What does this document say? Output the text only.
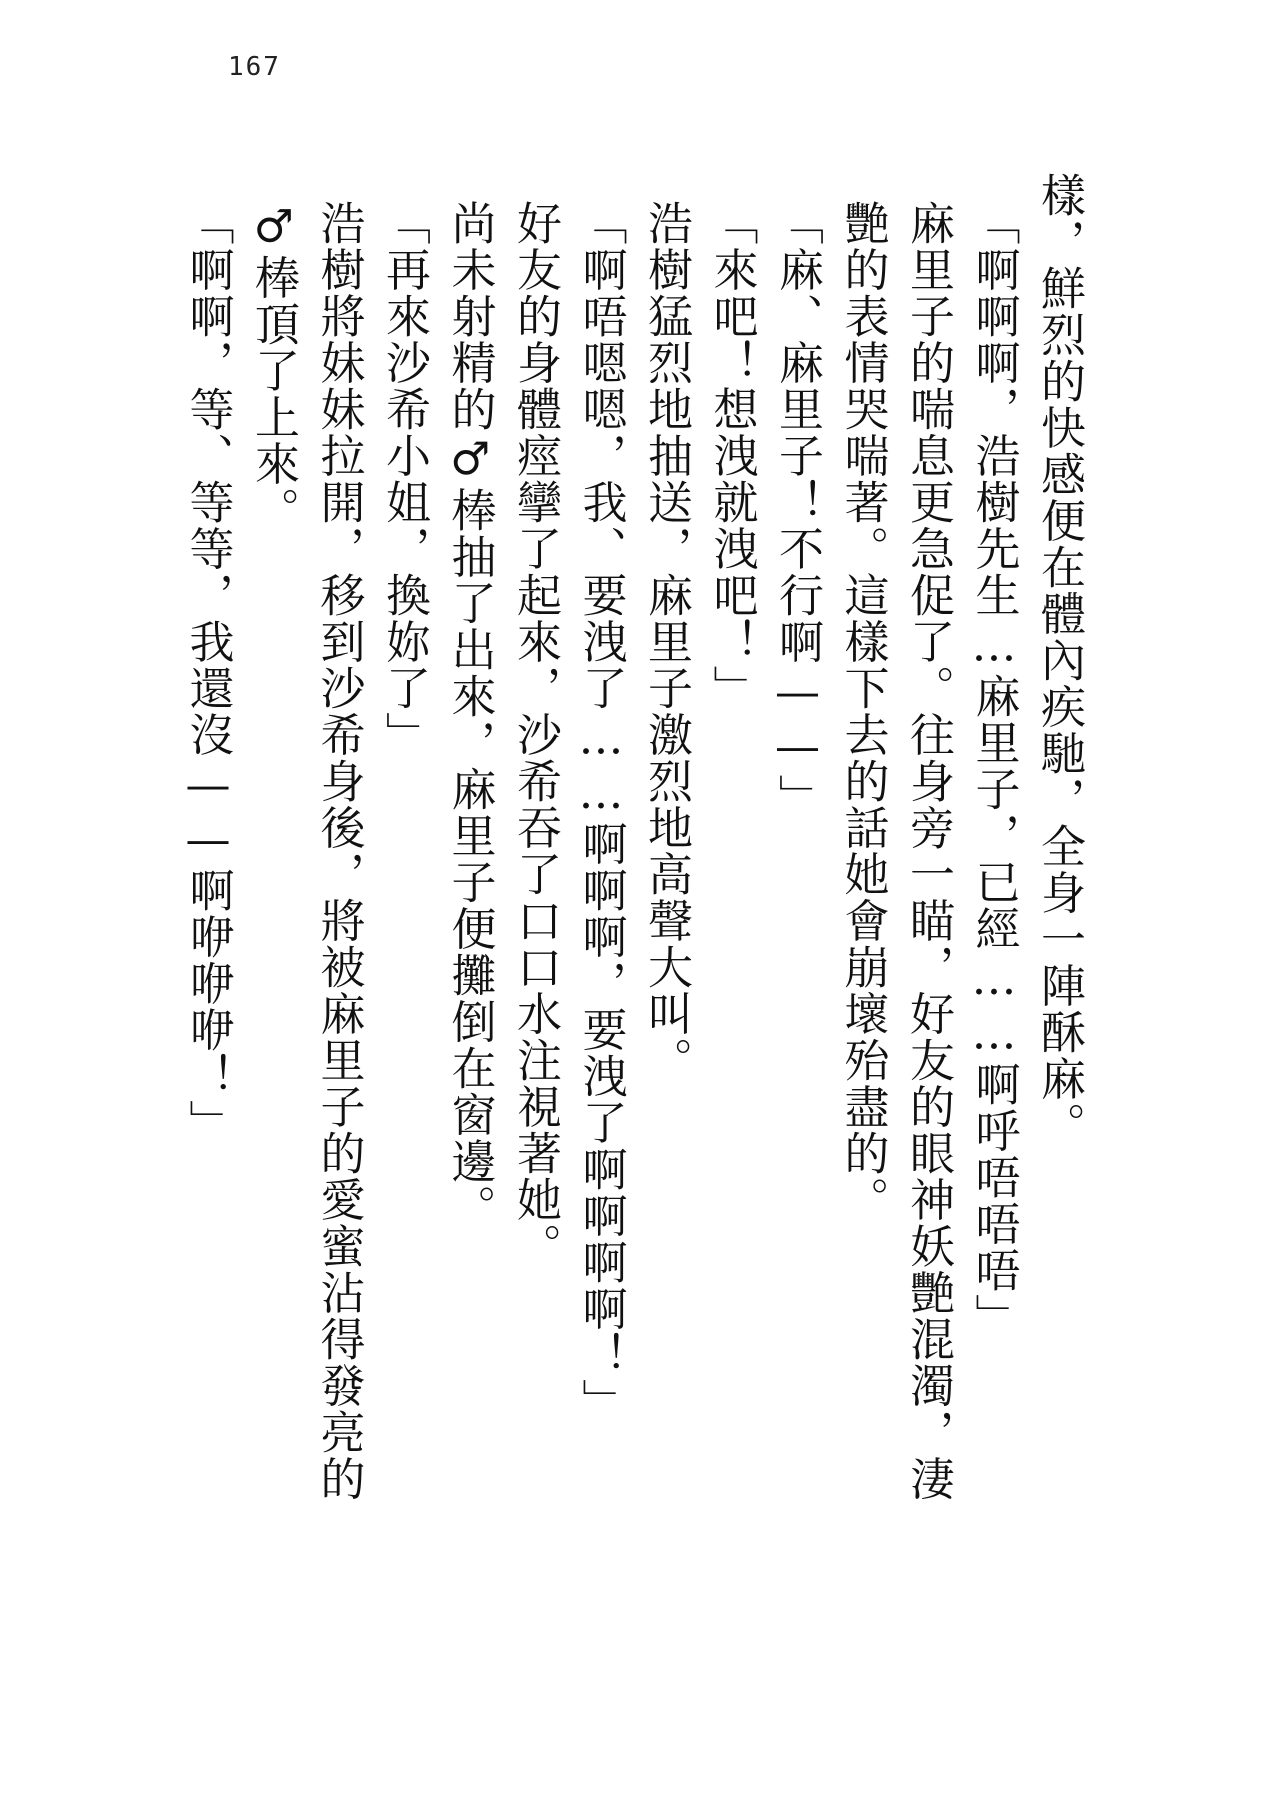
167
樣，鮮烈的快感便在體內疾馳，全身一陣酥麻。
「啊啊啊，浩樹先生…麻里子，已經……啊呼唔唔唔」
麻里子的喘息更急促了。往身旁一瞄，好友的眼神妖艷混濁，淒
艷的表情哭喘著。這樣下去的話她會崩壞殆盡的。
「麻、麻里子！不行啊——」
「來吧！想洩就洩吧！」
浩樹猛烈地抽送，麻里子激烈地高聲大叫。
「啊唔嗯嗯，我、要洩了……啊啊啊，要洩了啊啊啊啊！」
好友的身體痙攣了起來，沙希吞了口口水注視著她。
尚未射精的♂棒抽了出來，麻里子便攤倒在窗邊。
「再來沙希小姐，換妳了」
浩樹將妹妹拉開，移到沙希身後，將被麻里子的愛蜜沾得發亮的
♂棒頂了上來。
「啊啊，等、等等，我還沒——啊咿咿咿！」
